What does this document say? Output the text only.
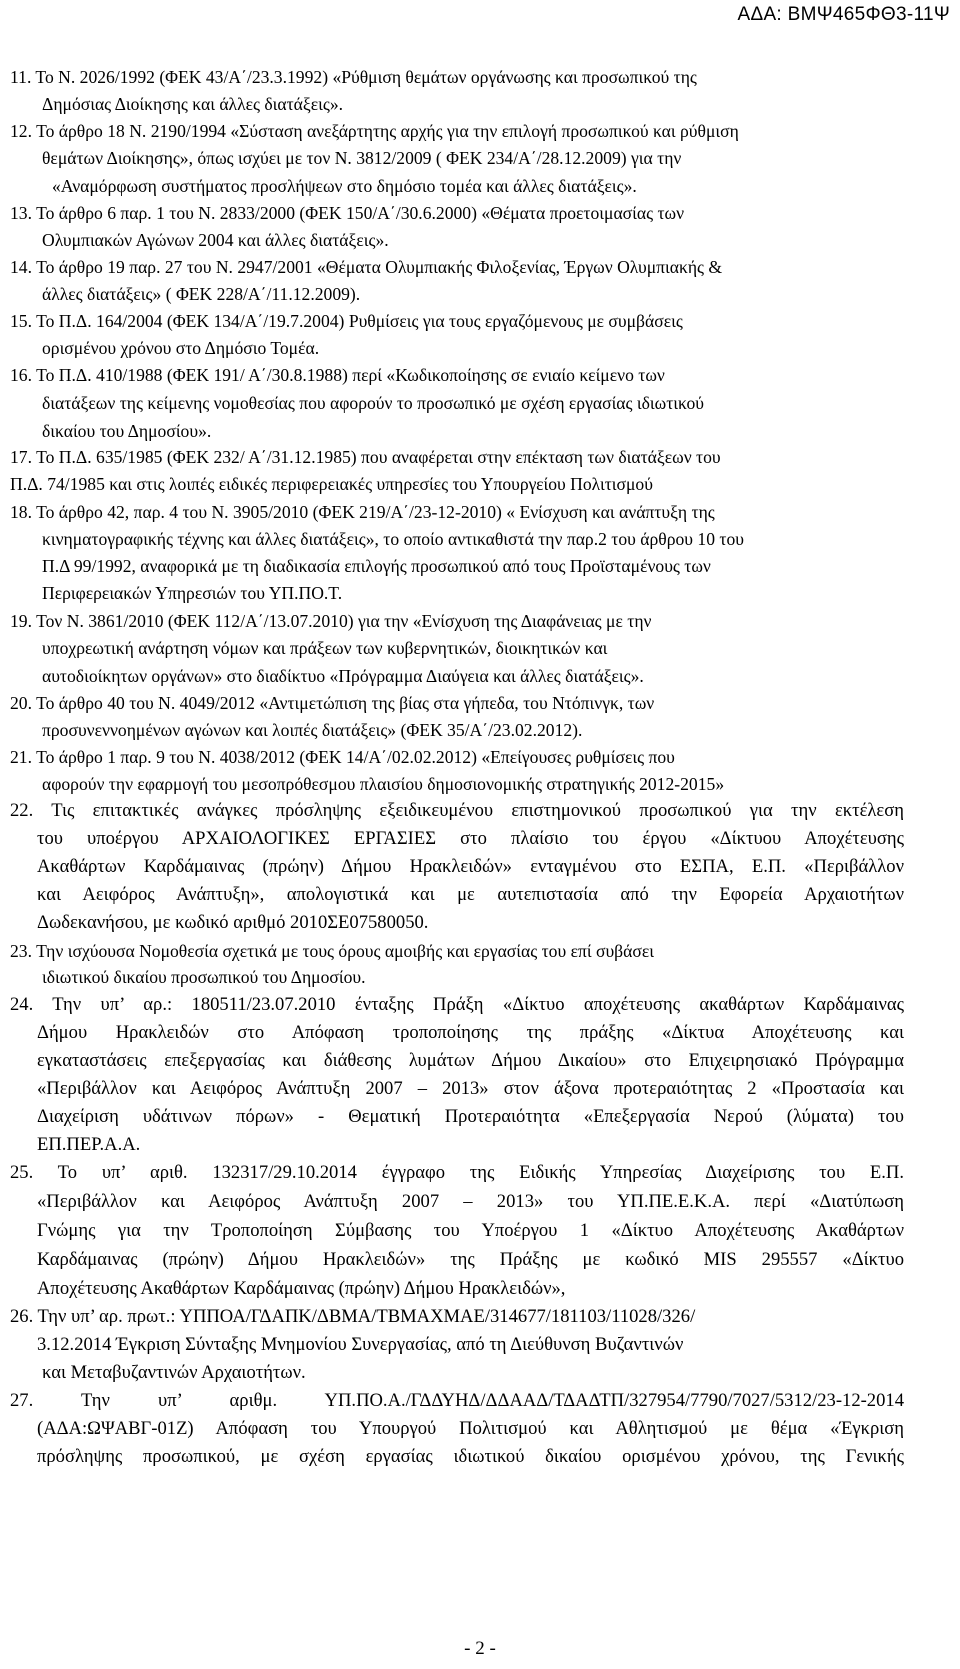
ΑΔΑ: ΒΜΨ465ΦΘ3-11Ψ
11. Το Ν. 2026/1992 (ΦΕΚ 43/Α΄/23.3.1992) «Ρύθμιση θεμάτων οργάνωσης και προσωπικού της
Δημόσιας Διοίκησης και άλλες διατάξεις».
12. Το άρθρο 18 Ν. 2190/1994 «Σύσταση ανεξάρτητης αρχής για την επιλογή προσωπικού και ρύθμιση
θεμάτων Διοίκησης», όπως ισχύει με τον Ν. 3812/2009 ( ΦΕΚ 234/Α΄/28.12.2009) για την
«Αναμόρφωση συστήματος προσλήψεων στο δημόσιο τομέα και άλλες διατάξεις».
13. Το άρθρο 6 παρ. 1 του Ν. 2833/2000 (ΦΕΚ 150/Α΄/30.6.2000) «Θέματα προετοιμασίας των
Ολυμπιακών Αγώνων 2004 και άλλες διατάξεις».
14. Το άρθρο 19 παρ. 27 του Ν. 2947/2001 «Θέματα Ολυμπιακής Φιλοξενίας, Έργων Ολυμπιακής &
άλλες διατάξεις» ( ΦΕΚ 228/Α΄/11.12.2009).
15. Το Π.Δ. 164/2004 (ΦΕΚ 134/Α΄/19.7.2004) Ρυθμίσεις για τους εργαζόμενους με συμβάσεις
ορισμένου χρόνου στο Δημόσιο Τομέα.
16. Το Π.Δ. 410/1988 (ΦΕΚ 191/ Α΄/30.8.1988) περί «Κωδικοποίησης σε ενιαίο κείμενο των
διατάξεων της κείμενης νομοθεσίας που αφορούν το προσωπικό με σχέση εργασίας ιδιωτικού
δικαίου του Δημοσίου».
17. Το Π.Δ. 635/1985 (ΦΕΚ 232/ Α΄/31.12.1985) που αναφέρεται στην επέκταση των διατάξεων του
Π.Δ. 74/1985 και στις λοιπές ειδικές περιφερειακές υπηρεσίες του Υπουργείου Πολιτισμού
18. Το άρθρο 42, παρ. 4 του Ν. 3905/2010 (ΦΕΚ 219/Α΄/23-12-2010) « Ενίσχυση και ανάπτυξη της
κινηματογραφικής τέχνης και άλλες διατάξεις», το οποίο αντικαθιστά την παρ.2 του άρθρου 10 του
Π.Δ 99/1992, αναφορικά με τη διαδικασία επιλογής προσωπικού από τους Προϊσταμένους των
Περιφερειακών Υπηρεσιών του ΥΠ.ΠΟ.Τ.
19. Τον Ν. 3861/2010 (ΦΕΚ 112/Α΄/13.07.2010) για την «Ενίσχυση της Διαφάνειας με την
υποχρεωτική ανάρτηση νόμων και πράξεων των κυβερνητικών, διοικητικών και
αυτοδιοίκητων οργάνων» στο διαδίκτυο «Πρόγραμμα Διαύγεια και άλλες διατάξεις».
20. Το άρθρο 40 του Ν. 4049/2012 «Αντιμετώπιση της βίας στα γήπεδα, του Ντόπινγκ, των
προσυνεννοημένων αγώνων και λοιπές διατάξεις» (ΦΕΚ 35/Α΄/23.02.2012).
21. Το άρθρο 1 παρ. 9 του Ν. 4038/2012 (ΦΕΚ 14/Α΄/02.02.2012) «Επείγουσες ρυθμίσεις που
αφορούν την εφαρμογή του μεσοπρόθεσμου πλαισίου δημοσιονομικής στρατηγικής 2012-2015»
22. Τις επιτακτικές ανάγκες πρόσληψης εξειδικευμένου επιστημονικού προσωπικού για την εκτέλεση
του υποέργου ΑΡΧΑΙΟΛΟΓΙΚΕΣ ΕΡΓΑΣΙΕΣ στο πλαίσιο του έργου «Δίκτυου Αποχέτευσης
Ακαθάρτων Καρδάμαινας (πρώην) Δήμου Ηρακλειδών» ενταγμένου στο ΕΣΠΑ, Ε.Π. «Περιβάλλον
και Αειφόρος Ανάπτυξη», απολογιστικά και με αυτεπιστασία από την Εφορεία Αρχαιοτήτων
Δωδεκανήσου, με κωδικό αριθμό 2010ΣΕ07580050.
23. Την ισχύουσα Νομοθεσία σχετικά με τους όρους αμοιβής και εργασίας του επί συβάσει
ιδιωτικού δικαίου προσωπικού του Δημοσίου.
24. Την υπ’ αρ.: 180511/23.07.2010 ένταξης Πράξη «Δίκτυο αποχέτευσης ακαθάρτων Καρδάμαινας
Δήμου Ηρακλειδών στο Απόφαση τροποποίησης της πράξης «Δίκτυα Αποχέτευσης και
εγκαταστάσεις επεξεργασίας και διάθεσης λυμάτων Δήμου Δικαίου» στο Επιχειρησιακό Πρόγραμμα
«Περιβάλλον και Αειφόρος Ανάπτυξη 2007 – 2013» στον άξονα προτεραιότητας 2 «Προστασία και
Διαχείριση υδάτινων πόρων» - Θεματική Προτεραιότητα «Επεξεργασία Νερού (λύματα) του
ΕΠ.ΠΕΡ.Α.Α.
25. Το υπ’ αριθ. 132317/29.10.2014 έγγραφο της Ειδικής Υπηρεσίας Διαχείρισης του Ε.Π.
«Περιβάλλον και Αειφόρος Ανάπτυξη 2007 – 2013» του ΥΠ.ΠΕ.Ε.Κ.Α. περί «Διατύπωση
Γνώμης για την Τροποποίηση Σύμβασης του Υποέργου 1 «Δίκτυο Αποχέτευσης Ακαθάρτων
Καρδάμαινας (πρώην) Δήμου Ηρακλειδών» της Πράξης με κωδικό MIS 295557 «Δίκτυο
Αποχέτευσης Ακαθάρτων Καρδάμαινας (πρώην) Δήμου Ηρακλειδών»,
26. Την υπ’ αρ. πρωτ.: ΥΠΠΟΑ/ΓΔΑΠΚ/ΔΒΜΑ/ΤΒΜΑΧΜΑΕ/314677/181103/11028/326/
3.12.2014 Έγκριση Σύνταξης Μνημονίου Συνεργασίας, από τη Διεύθυνση Βυζαντινών
και Μεταβυζαντινών Αρχαιοτήτων.
27. Την υπ’ αριθμ. ΥΠ.ΠΟ.Α./ΓΔΔΥΗΔ/ΔΔΑΑΔ/ΤΔΑΔΤΠ/327954/7790/7027/5312/23-12-2014
(ΑΔΑ:ΩΨΑΒΓ-01Ζ) Απόφαση του Υπουργού Πολιτισμού και Αθλητισμού με θέμα «Έγκριση
πρόσληψης προσωπικού, με σχέση εργασίας ιδιωτικού δικαίου ορισμένου χρόνου, της Γενικής
- 2 -
